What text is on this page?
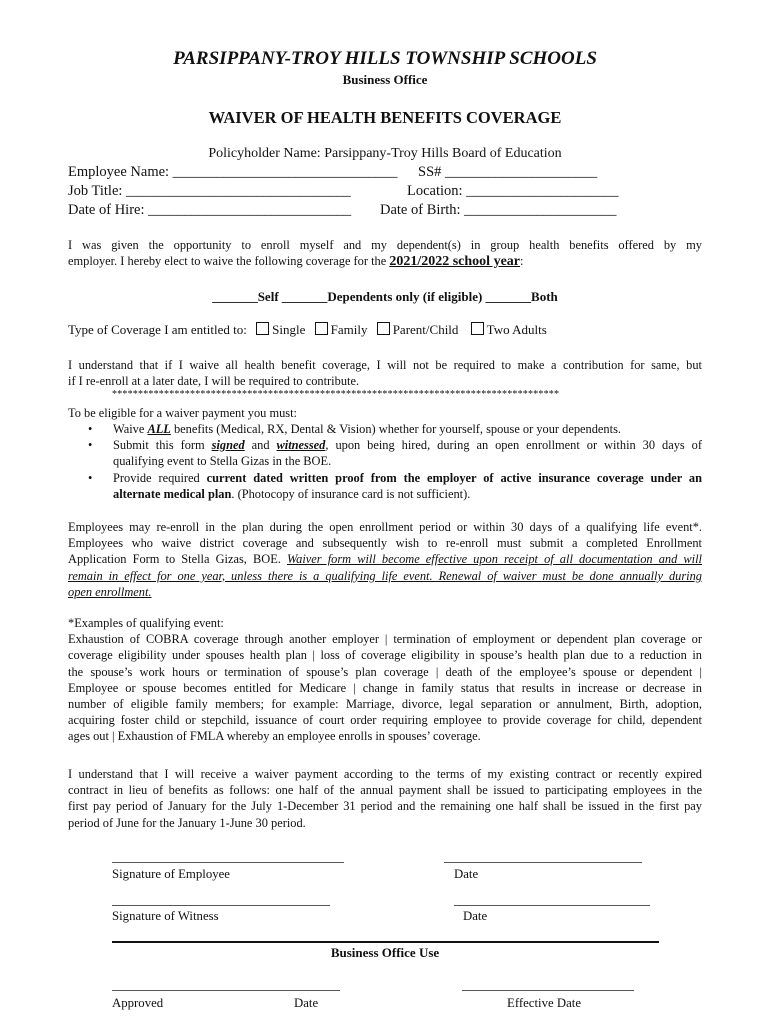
PARSIPPANY-TROY HILLS TOWNSHIP SCHOOLS
Business Office
WAIVER OF HEALTH BENEFITS COVERAGE
Policyholder Name: Parsippany-Troy Hills Board of Education
Employee Name: _______________________________ SS# _____________________
Job Title: _______________________________	Location: _____________________
Date of Hire: ____________________________ Date of Birth: _____________________
I was given the opportunity to enroll myself and my dependent(s) in group health benefits offered by my
employer. I hereby elect to waive the following coverage for the 2021/2022 school year:
_______Self _______Dependents only (if eligible) _______Both
Type of Coverage I am entitled to: Single Family Parent/Child Two Adults
I understand that if I waive all health benefit coverage, I will not be required to make a contribution for same, but
if I re-enroll at a later date, I will be required to contribute.
**************************************************************************************
To be eligible for a waiver payment you must:
• Waive ALL benefits (Medical, RX, Dental & Vision) whether for yourself, spouse or your dependents.
• Submit this form signed and witnessed, upon being hired, during an open enrollment or within 30 days of
qualifying event to Stella Gizas in the BOE.
• Provide required current dated written proof from the employer of active insurance coverage under an
alternate medical plan. (Photocopy of insurance card is not sufficient).
Employees may re-enroll in the plan during the open enrollment period or within 30 days of a qualifying life event*.
Employees who waive district coverage and subsequently wish to re-enroll must submit a completed Enrollment
Application Form to Stella Gizas, BOE. Waiver form will become effective upon receipt of all documentation and will
remain in effect for one year, unless there is a qualifying life event. Renewal of waiver must be done annually during
open enrollment.
*Examples of qualifying event:
Exhaustion of COBRA coverage through another employer | termination of employment or dependent plan coverage or
coverage eligibility under spouses health plan | loss of coverage eligibility in spouse’s health plan due to a reduction in
the spouse’s work hours or termination of spouse’s plan coverage | death of the employee’s spouse or dependent |
Employee or spouse becomes entitled for Medicare | change in family status that results in increase or decrease in
number of eligible family members; for example: Marriage, divorce, legal separation or annulment, Birth, adoption,
acquiring foster child or stepchild, issuance of court order requiring employee to provide coverage for child, dependent
ages out | Exhaustion of FMLA whereby an employee enrolls in spouses’ coverage.
I understand that I will receive a waiver payment according to the terms of my existing contract or recently expired
contract in lieu of benefits as follows: one half of the annual payment shall be issued to participating employees in the
first pay period of January for the July 1-December 31 period and the remaining one half shall be issued in the first pay
period of June for the January 1-June 30 period.
Signature of Employee	Date
Signature of Witness	Date
Business Office Use
Approved	Date	Effective Date
